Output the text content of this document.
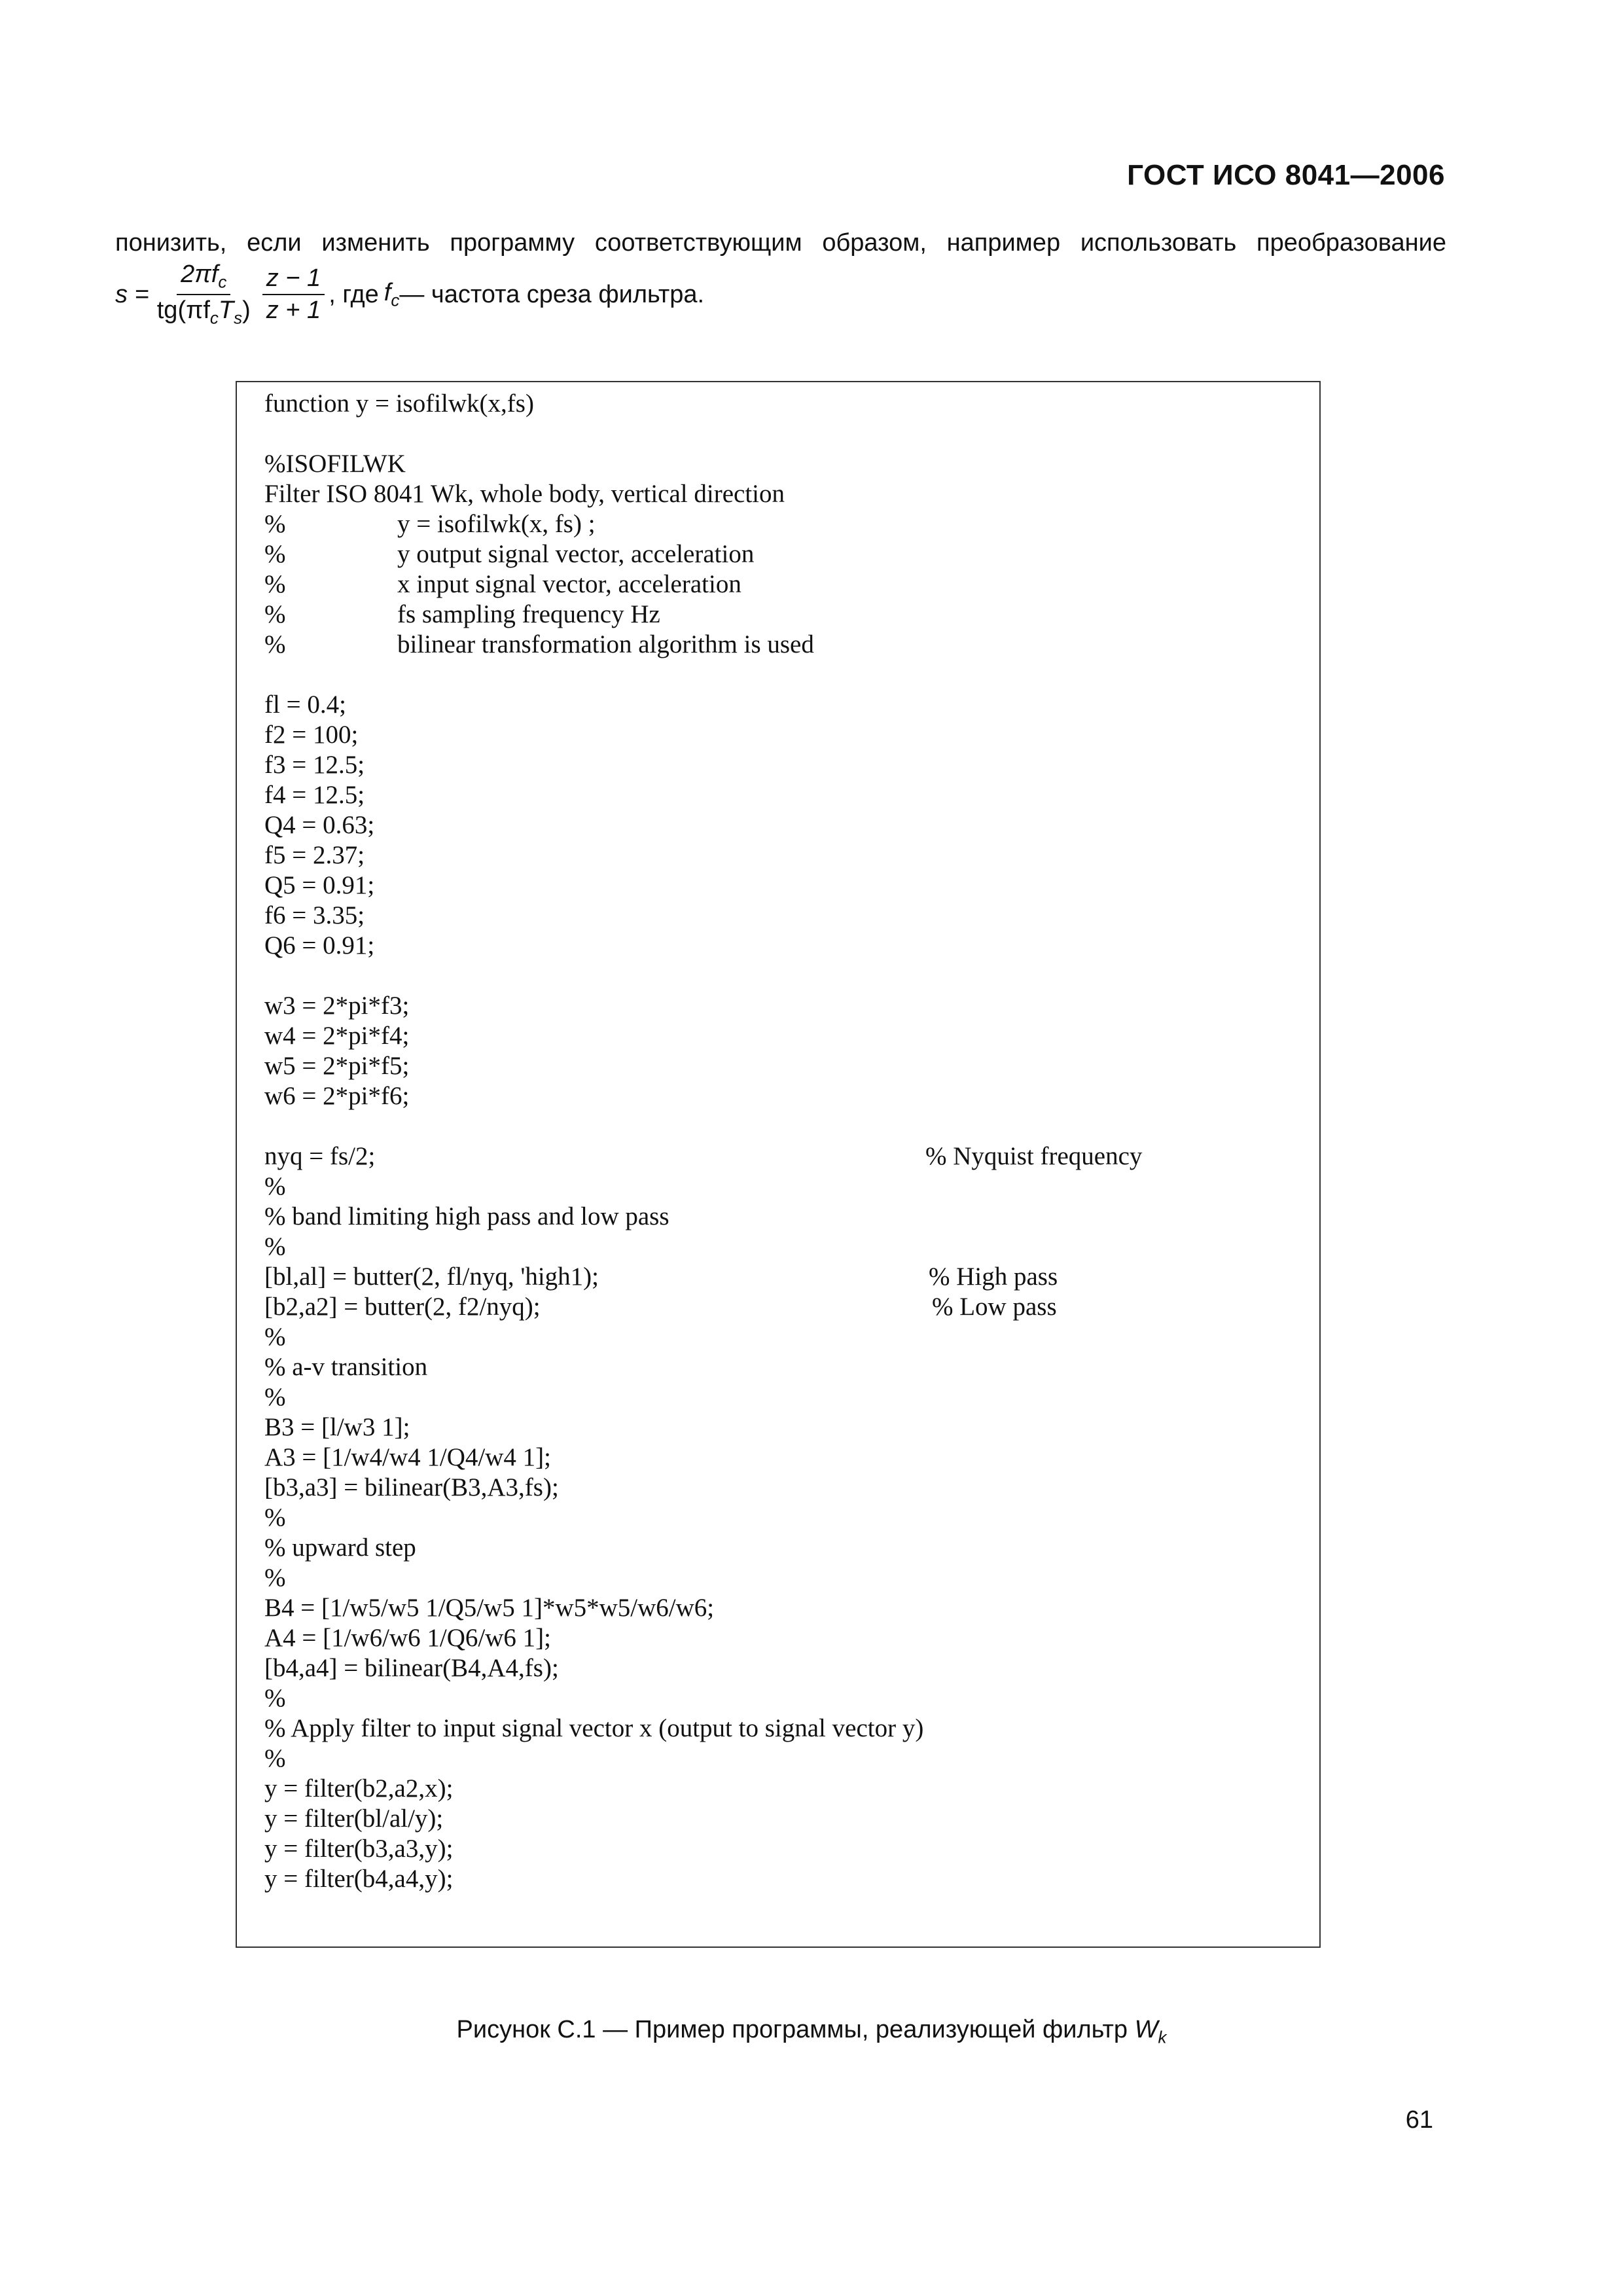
ГОСТ ИСО 8041—2006
понизить, если изменить программу соответствующим образом, например использовать преобразование
$s = \frac{2\pi f_c}{tg(\pi f_cT_s)} \frac{z - 1}{z + 1}$ , где $f_c$ — частота среза фильтра.
function y = isofilwk(x,fs)
%ISOFILWK
Filter ISO 8041 Wk, whole body, vertical direction
%	y = isofilwk(x, fs) ;
%	y output signal vector, acceleration
%	x input signal vector, acceleration
%	fs sampling frequency Hz
%	bilinear transformation algorithm is used
fl = 0.4;
f2 = 100;
f3 = 12.5;
f4 = 12.5;
Q4 = 0.63;
f5 = 2.37;
Q5 = 0.91;
f6 = 3.35;
Q6 = 0.91;
w3 = 2*pi*f3;
w4 = 2*pi*f4;
w5 = 2*pi*f5;
w6 = 2*pi*f6;
nyq = fs/2;	% Nyquist frequency
%
% band limiting high pass and low pass
%
[bl,al] = butter(2, fl/nyq, 'high1);	% High pass
[b2,a2] = butter(2, f2/nyq);	% Low pass
%
% a-v transition
%
B3 = [l/w3 1];
A3 = [1/w4/w4 1/Q4/w4 1];
[b3,a3] = bilinear(B3,A3,fs);
%
% upward step
%
B4 = [1/w5/w5 1/Q5/w5 1]*w5*w5/w6/w6;
A4 = [1/w6/w6 1/Q6/w6 1];
[b4,a4] = bilinear(B4,A4,fs);
%
% Apply filter to input signal vector x (output to signal vector y)
%
y = filter(b2,a2,x);
y = filter(bl/al/y);
y = filter(b3,a3,y);
y = filter(b4,a4,y);
Рисунок С.1 — Пример программы, реализующей фильтр $W_k$
61
